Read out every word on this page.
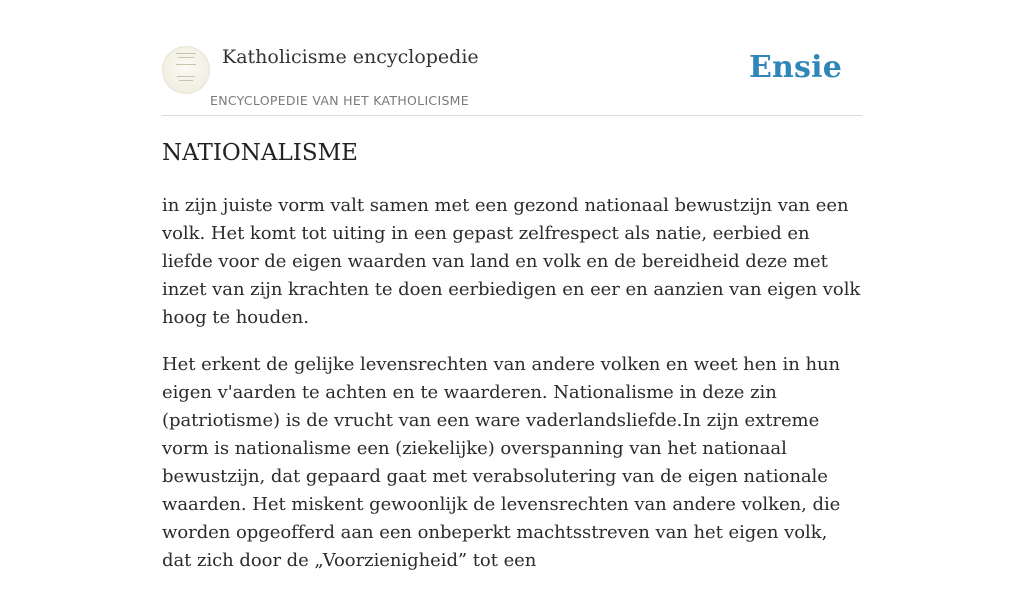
Katholicisme encyclopedie
ENCYCLOPEDIE VAN HET KATHOLICISME
Ensie
NATIONALISME

in zijn juiste vorm valt samen met een gezond nationaal bewustzijn van een volk. Het komt tot uiting in een gepast zelfrespect als natie, eerbied en liefde voor de eigen waarden van land en volk en de bereidheid deze met inzet van zijn krachten te doen eerbiedigen en eer en aanzien van eigen volk hoog te houden.

Het erkent de gelijke levensrechten van andere volken en weet hen in hun eigen v'aarden te achten en te waarderen. Nationalisme in deze zin (patriotisme) is de vrucht van een ware vaderlandsliefde.In zijn extreme vorm is nationalisme een (ziekelijke) overspanning van het nationaal bewustzijn, dat gepaard gaat met verabsolutering van de eigen nationale waarden. Het miskent gewoonlijk de levensrechten van andere volken, die worden opgeofferd aan een onbeperkt machtsstreven van het eigen volk, dat zich door de „Voorzienigheid” tot een
